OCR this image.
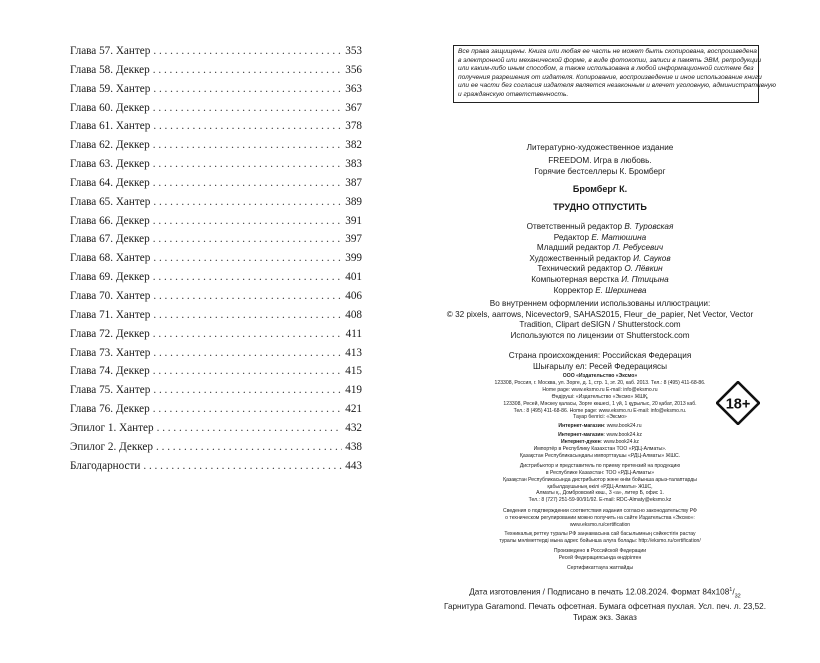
Глава 57. Хантер . . .	353
Глава 58. Деккер . . .	356
Глава 59. Хантер . . .	363
Глава 60. Деккер . . .	367
Глава 61. Хантер . . .	378
Глава 62. Деккер . . .	382
Глава 63. Деккер . . .	383
Глава 64. Деккер . . .	387
Глава 65. Хантер . . .	389
Глава 66. Деккер . . .	391
Глава 67. Деккер . . .	397
Глава 68. Хантер . . .	399
Глава 69. Деккер . . .	401
Глава 70. Хантер . . .	406
Глава 71. Хантер . . .	408
Глава 72. Деккер . . .	411
Глава 73. Хантер . . .	413
Глава 74. Деккер . . .	415
Глава 75. Хантер . . .	419
Глава 76. Деккер . . .	421
Эпилог 1. Хантер . . .	432
Эпилог 2. Деккер . . .	438
Благодарности . . .	443
Все права защищены. Книга или любая ее часть не может быть скопирована, воспроизведена
в электронной или механической форме, в виде фотокопии, записи в память ЭВМ, репродукции
или каким-либо иным способом, а также использована в любой информационной системе без
получения разрешения от издателя. Копирование, воспроизведение и иное использование книги
или ее части без согласия издателя является незаконным и влечет уголовную, административную
и гражданскую ответственность.
Литературно-художественное издание
FREEDOM. Игра в любовь.
Горячие бестселлеры К. Бромберг
Бромберг К.
ТРУДНО ОТПУСТИТЬ
Ответственный редактор В. Туровская
Редактор Е. Матюшина
Младший редактор Л. Ребусевич
Художественный редактор И. Сауков
Технический редактор О. Лёвкин
Компьютерная верстка И. Птицына
Корректор Е. Шершнева
Во внутреннем оформлении использованы иллюстрации:
© 32 pixels, aarrows, Nicevector9, SAHAS2015, Fleur_de_papier, Net Vector, Vector
Tradition, Clipart deSIGN / Shutterstock.com
Используются по лицензии от Shutterstock.com
Страна происхождения: Российская Федерация
Шығарылу ел: Ресей Федерациясы
ООО «Издательство «Эксмо»
123308, Россия, г. Москва, ул. Зорге, д. 1, стр. 1, эт. 20, каб. 2013. Тел.: 8 (495) 411-68-86.
Home page: www.eksmo.ru E-mail: info@eksmo.ru
Өндіруші: «Издательство «Эксмо» ЖШҚ,
123308, Ресей, Мәскеу қаласы, Зорге көшесі, 1 үй, 1 құрылыс, 20 қабат, 2013 каб.
Тел.: 8 (495) 411-68-86. Home page: www.eksmo.ru E-mail: info@eksmo.ru.
Тауар белгісі: «Эксмо»
Интернет-магазин: www.book24.ru
Интернет-магазин: www.book24.kz
Интернет-дүкен: www.book24.kz
Импортёр в Республику Казахстан ТОО «РДЦ-Алматы».
Қазақстан Республикасындағы импорттаушы «РДЦ-Алматы» ЖШС.
Дистрибьютор и представитель по приему претензий на продукцию
в Республике Казахстан: ТОО «РДЦ-Алматы»
Қазақстан Республикасында дистрибьютор және өнім бойынша арыз-талаптарды
қабылдаушының өкілі «РДЦ-Алматы» ЖШС,
Алматы қ., Домбровский көш., 3 «а», литер Б, офис 1.
Тел.: 8 (727) 251-59-90/91/92. E-mail: RDC-Almaty@eksmo.kz
Сведения о подтверждении соответствия издания согласно законодательству РФ
о техническом регулировании можно получить на сайте Издательства «Эксмо»:
www.eksmo.ru/certification
Техникалық реттеу туралы РФ заңнамасына сай басылымның сәйкестігін растау
туралы мәліметтерді мына адрес бойынша алуға болады: http://eksmo.ru/certification/
Произведено в Российской Федерации
Ресей Федерациясында өндірілген
Сертификаттауға жатпайды
Дата изготовления / Подписано в печать 12.08.2024. Формат $84x108^1/_{32}$
Гарнитура Garamond. Печать офсетная. Бумага офсетная пухлая. Усл. печ. л. 23,52.
Тираж экз. Заказ
18+
